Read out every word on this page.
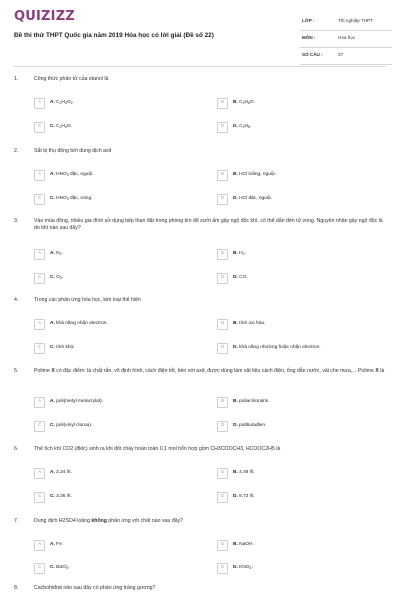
QUIZIZZ
Đề thi thử THPT Quốc gia năm 2019 Hóa học có lời giải (Đề số 22)
LỚP :	Tốt nghiệp THPT
MÔN :	Hóa học
SỐ CÂU :	37
1.	Công thức phân tử của etanol là
A	A. $C_2H_4O_2$.	B	B. $C_2H_6O$.
C	C. $C_2H_4O$.	D	D. $C_2H_6$.
2.	Sắt bị thụ động bởi dung dịch axit
A	A. $HNO_3$ đặc, nguội.	B	B. HCl loãng, nguội.
C	C. $HNO_3$ đặc, nóng.	D	D. HCl đặc, nguội.
3.	Vào mùa đông, nhiều gia đình sử dụng bếp than đặt trong phòng kín để sưởi ấm gây ngộ độc khí, có thể dẫn đến tử vong. Nguyên nhân gây ngộ độc là do khí nào sau đây?
A	A. $N_2$.	B	B. $H_2$.
C	C. $O_3$.	D	D. CO.
4.	Trong các phản ứng hóa học, kim loại thể hiện
A	A. khả năng nhận electron.	B	B. tính oxi hóa.
C	C. tính khử.	D	D. khả năng nhường hoặc nhận electron.
5.	Polime X có đặc điểm: là chất rắn, vô định hình, cách điện tốt, bền với axit, được dùng làm vật liệu cách điện, ống dẫn nước, vải che mưa,... Polime X là
A	A. poli(metyl metacrylat).	B	B. poliacrilonitrin.
C	C. poli(vinyl clorua).	D	D. polibutađien.
6.	Thể tích khí CO2 (đktc) sinh ra khi đốt cháy hoàn toàn 0,1 mol hỗn hợp gồm CH3COOCH3, HCOOC2H5 là
A	A. 2,24 lít.	B	B. 4,48 lít.
C	C. 3,36 lít.	D	D. 6,72 lít.
7.	Dung dịch H2SO4 loãng không phản ứng với chất nào sau đây?
A	A. Fe.	B	B. NaOH.
C	C. BaCl$_2$.	D	D. $KNO_3$.
8.	Cacbohiđrat nào sau đây có phản ứng tráng gương?
